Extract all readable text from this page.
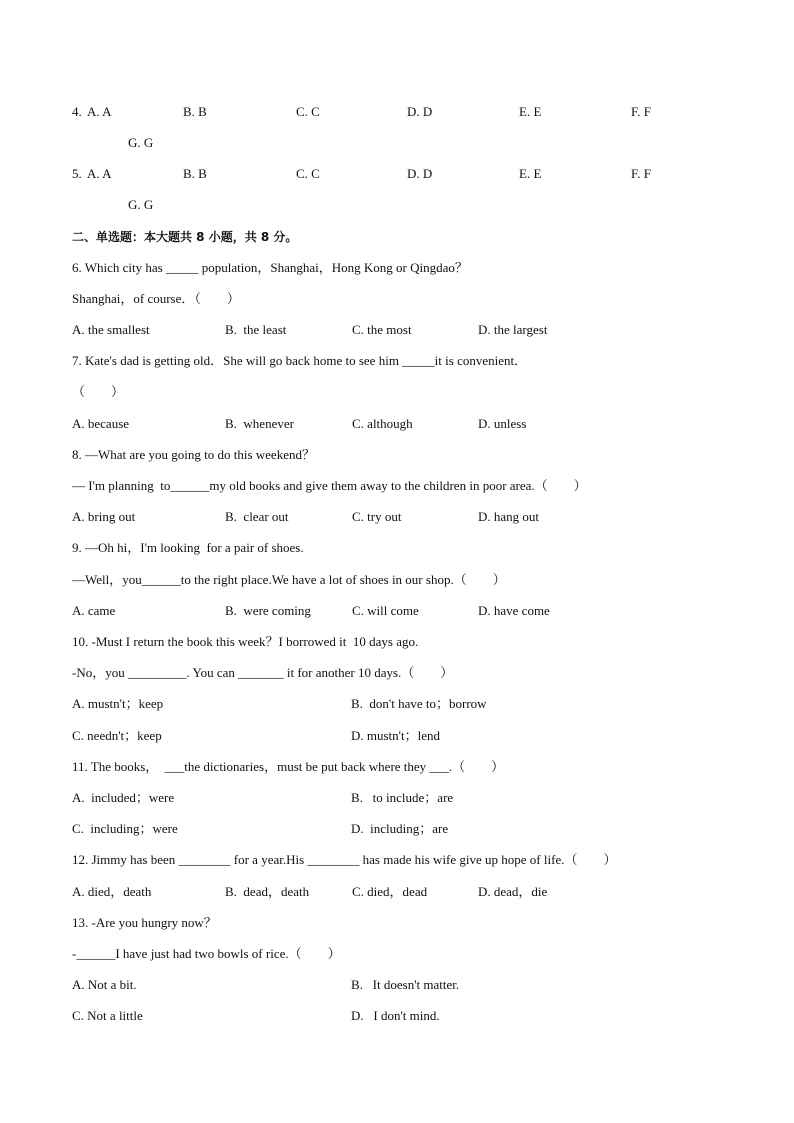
4. A. A	B. B	C. C	D. D	E. E	F. F
G. G
5. A. A	B. B	C. C	D. D	E. E	F. F
G. G
二、单选题：本大题共 8 小题，共 8 分。
6. Which city has _____ population，Shanghai，Hong Kong or Qingdao？
Shanghai，of course．（　　）
A. the smallest	B.  the least	C. the most	D. the largest
7. Kate's dad is getting old．She will go back home to see him _____it is convenient．
（　　）
A. because	B.  whenever	C. although	D. unless
8. —What are you going to do this weekend？
— I'm planning  to______my old books and give them away to the children in poor area.（　　）
A. bring out	B.  clear out	C. try out	D. hang out
9. —Oh hi，I'm looking  for a pair of shoes.
—Well，you______to the right place.We have a lot of shoes in our shop.（　　）
A. came	B.  were coming	C. will come	D. have come
10. -Must I return the book this week？I borrowed it  10 days ago.
-No，you _________. You can _______ it for another 10 days.（　　）
A. mustn't；keep	B.  don't have to；borrow
C. needn't；keep	D. mustn't；lend
11. The books，  ___the dictionaries，must be put back where they ___.（　　）
A.  included；were	B.   to include；are
C.  including；were	D.  including；are
12. Jimmy has been ________ for a year.His ________ has made his wife give up hope of life.（　　）
A. died，death	B.  dead，death	C. died，dead	D. dead，die
13. -Are you hungry now？
-______I have just had two bowls of rice.（　　）
A. Not a bit.	B.   It doesn't matter.
C. Not a little	D.   I don't mind.
